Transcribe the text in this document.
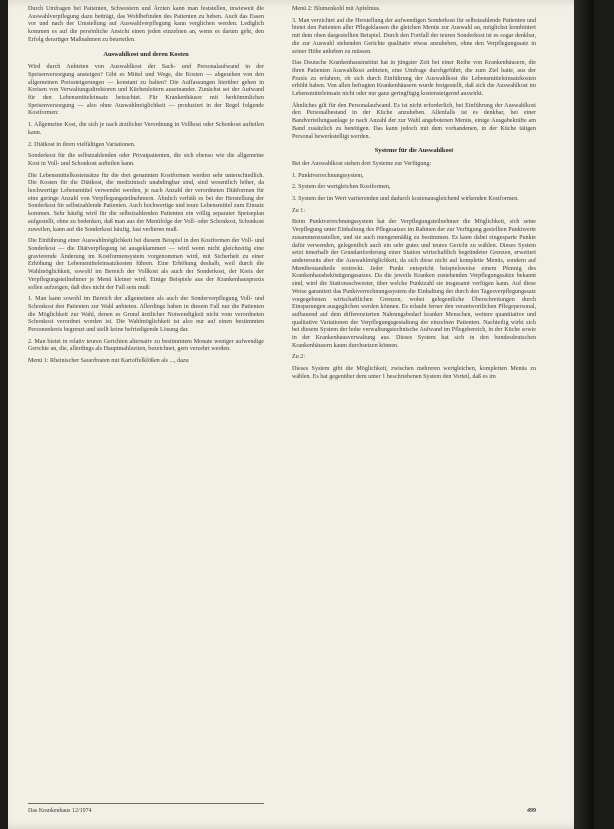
Durch Umfragen bei Patienten, Schwestern und Ärzten kann man feststellen, inwieweit die Auswahlverpflegung dazu beiträgt, das Wohlbefinden des Patienten zu heben. Auch das Essen vor und nach der Umstellung auf Auswahlverpflegung kann verglichen werden. Lediglich kommen es auf die persönliche Ansicht einen jeden einzelnen an, wenn es darum geht, den Erfolg derartiger Maßnahmen zu beurteilen.

Auswahlkost und deren Kosten

Wird durch Anbieten von Auswahlkost der Sach- und Personalaufwand in der Speisenversorgung ansteigen? Gibt es Mittel und Wege, die Kosten — abgesehen von den allgemeinen Preissteigerungen — konstant zu halten? Die Auffassungen hierüber gehen in Kreisen von Verwaltungsdirektoren und Küchenleitern auseinander. Zunächst sei der Aufwand für den Lebensmitteleinsatz betrachtet. Für Krankenhäuser mit herkömmlichen Speisenversorgung — also ohne Auswahlmöglichkeit — produziert in der Regel folgende Kostformen:

1. Allgemeine Kost, die sich je nach ärztlicher Verordnung in Vollkost oder Schonkost aufteilen kann.

2. Diätkost in ihren vielfältigen Variationen.

Sonderkost für die selbstzahlenden oder Privatpatienten, die sich ebenso wie die allgemeine Kost in Voll- und Schonkost aufteilen kann.

Die Lebensmittelkostensätze für die drei genannten Kostformen werden sehr unterschiedlich. Die Kosten für die Diätkost, die medizinisch unabdingbar sind, sind wesentlich höher, da hochwertige Lebensmittel verwendet werden, je nach Anzahl der verordneten Diätformen für eine geringe Anzahl von Verpflegungsteilnehmern. Ähnlich verhält es bei der Herstellung der Sonderkost für selbstzahlende Patienten. Auch hochwertige und teure Lebensmittel zum Einsatz kommen. Sehr häufig wird für die selbstzahlenden Patienten ein völlig separater Speiseplan aufgestellt, ohne zu bedenken, daß man aus der Menüfolge der Voll- oder Schonkost, Schonkost zuweilen, kann auf die Sonderkost häufig, fast verlieren muß.

Die Einführung einer Auswahlmöglichkeit bei diesem Beispiel in den Kostformen der Voll- und Sonderkost — die Diätverpflegung ist ausgeklammert — wird wenn nicht gleichzeitig eine gravierende Änderung im Kostformensystem vorgenommen wird, mit Sicherheit zu einer Erhöhung der Lebensmitteleinsatzkosten führen. Eine Erhöhung deshalb, weil durch die Wahlmöglichkeit, sowohl im Bereich der Vollkost als auch der Sonderkost, der Kreis der Verpflegungsteilnehmer je Menü kleiner wird. Einige Beispiele aus der Krankenhauspraxis sollen aufzeigen, daß dies nicht der Fall sein muß:

1. Man kann sowohl im Bereich der allgemeinen als auch der Sonderverpflegung Voll- und Schonkost den Patienten zur Wahl anbieten. Allerdings haben in diesem Fall nur die Patienten die Möglichkeit zur Wahl, denen es Grund ärztlicher Notwendigkeit nicht vom verordneten Schonkost verordnet worden ist. Die Wahlmöglichkeit ist also nur auf einen bestimmten Personenkreis begrenzt und stellt keine befriedigende Lösung dar.

2. Man bietet in relativ teuren Gerichten alternativ zu bestimmtem Monate weniger aufwendige Gerichte an, die, allerdings als Hauptmahlzeiten, bezeichnet, gern verzehrt werden.

Menü 1: Rheinischer Sauerbraten mit Kartoffelklößen als ..., dazu

Menü 2: Blumenkohl mit Apfelmus.

3. Man verzichtet auf die Herstellung der aufwendigen Sonderkost für selbstzahlende Patienten und bietet den Patienten aller Pflegeklassen die gleichen Menüs zur Auswahl an, möglichst kombiniert mit dem oben dargestellten Beispiel. Durch den Fortfall der teuren Sonderkost ist es sogar denkbar, die zur Auswahl stehenden Gerichte qualitativ etwas anzuheben, ohne den Verpflegungssatz in seiner Höhe anheben zu müssen.

Das Deutsche Krankenhausinstitut hat in jüngster Zeit bei einer Reihe von Krankenhäusern, die ihren Patienten Auswahlkost anbieten, eine Umfrage durchgeführt, die zum Ziel hatte, aus der Praxis zu erfahren, ob sich durch Einführung der Auswahlkost die Lebensmitteleinsatzkosten erhöht haben. Von allen befragten Krankenhäusern wurde festgestellt, daß sich die Auswahlkost im Lebensmitteleinsatz nicht oder nur ganz geringfügig kostensteigernd auswirkt.

Ähnliches gilt für den Personalaufwand. Es ist nicht erforderlich, bei Einführung der Auswahlkost den Personalbestand in der Küche anzuheben. Allenfalls ist es denkbar, bei einer Bandverteilungsanlage je nach Anzahl der zur Wahl angebotenen Menüs, einige Ausgabekräfte am Band zusätzlich zu benötigen. Das kann jedoch mit dem vorhandenen, in der Küche tätigen Personal bewerkstelligt werden.

Systeme für die Auswahlkost

Bei der Auswahlkost stehen drei Systeme zur Verfügung:

1. Punktverrechnungssystem,

2. System der wertgleichen Kostformen,

3. System der im Wert variierenden und dadurch kostenausgleichend wirkenden Kostformen.

Zu 1:

Beim Punktverrechnungssystem hat der Verpflegungsteilnehmer die Möglichkeit, sich seine Verpflegung unter Einhaltung des Pflegesatzes im Rahmen der zur Verfügung gestellten Punktwerte zusammenzustellen, und sie auch mengenmäßig zu bestimmen. Es kann dabei eingesparte Punkte dafür verwenden, gelegentlich auch ein sehr gutes und teures Gericht zu wählen. Dieses System setzt innerhalb der Grundanforderung einer Station wirtschaftlich begründeter Grenzen, erweitert andererseits aber die Auswahlmöglichkeit, da sich diese nicht auf komplette Menüs, sondern auf Menübestandteile erstreckt. Jeder Punkt entspricht beispielsweise einem Pfennig des Krankenhausbeköstigungssatzes. Da die jeweils Kranken zustehenden Verpflegungssätze bekannt sind, wird die Stationsschwester, über welche Punktzahl sie insgesamt verfügen kann. Auf diese Weise garantiert das Punktverrechnungssystem die Einhaltung der durch den Tagesverpflegungssatz vorgegebenen wirtschaftlichen Grenzen, wobei gelegentliche Überschreitungen durch Einsparungen ausgeglichen werden können. Es erlaubt ferner den verantwortlichen Pflegepersonal, aufbauend auf dem differenzierten Nahrungsbedarf kranker Menschen, weitere quantitative und qualitative Variationen der Verpflegungsgestaltung der einzelnen Patienten. Nachteilig wirkt sich bei diesem System der hohe verwaltungstechnische Aufwand im Pflegebereich, in der Küche sowie in der Krankenhausverwaltung aus. Dieses System hat sich in den bundesdeutschen Krankenhäusern kaum durchsetzen können.

Zu 2:

Dieses System gibt die Möglichkeit, zwischen mehreren wertgleichen, kompletten Menüs zu wählen. Es hat gegenüber dem unter 1 beschriebenen System den Vorteil, daß es im

Das Krankenhaus 12/1974	499
